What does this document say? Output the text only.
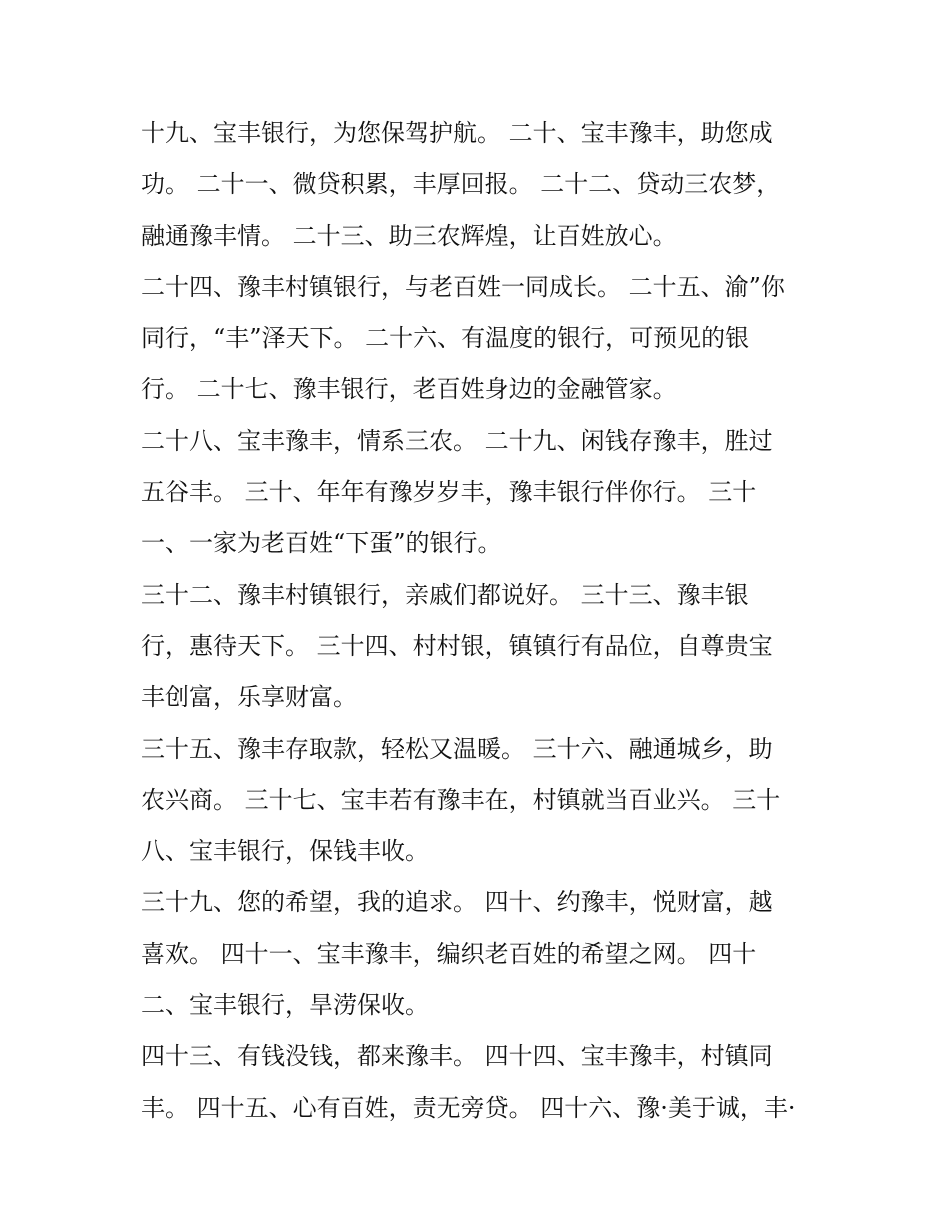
十九、宝丰银行，为您保驾护航。 二十、宝丰豫丰，助您成
功。 二十一、微贷积累，丰厚回报。 二十二、贷动三农梦，
融通豫丰情。 二十三、助三农辉煌，让百姓放心。
二十四、豫丰村镇银行，与老百姓一同成长。 二十五、渝”你
同行，“丰”泽天下。 二十六、有温度的银行，可预见的银
行。 二十七、豫丰银行，老百姓身边的金融管家。
二十八、宝丰豫丰，情系三农。 二十九、闲钱存豫丰，胜过
五谷丰。 三十、年年有豫岁岁丰，豫丰银行伴你行。 三十
一、一家为老百姓“下蛋”的银行。
三十二、豫丰村镇银行，亲戚们都说好。 三十三、豫丰银
行，惠待天下。 三十四、村村银，镇镇行有品位，自尊贵宝
丰创富，乐享财富。
三十五、豫丰存取款，轻松又温暖。 三十六、融通城乡，助
农兴商。 三十七、宝丰若有豫丰在，村镇就当百业兴。 三十
八、宝丰银行，保钱丰收。
三十九、您的希望，我的追求。 四十、约豫丰，悦财富，越
喜欢。 四十一、宝丰豫丰，编织老百姓的希望之网。 四十
二、宝丰银行，旱涝保收。
四十三、有钱没钱，都来豫丰。 四十四、宝丰豫丰，村镇同
丰。 四十五、心有百姓，责无旁贷。 四十六、豫·美于诚，丰·
